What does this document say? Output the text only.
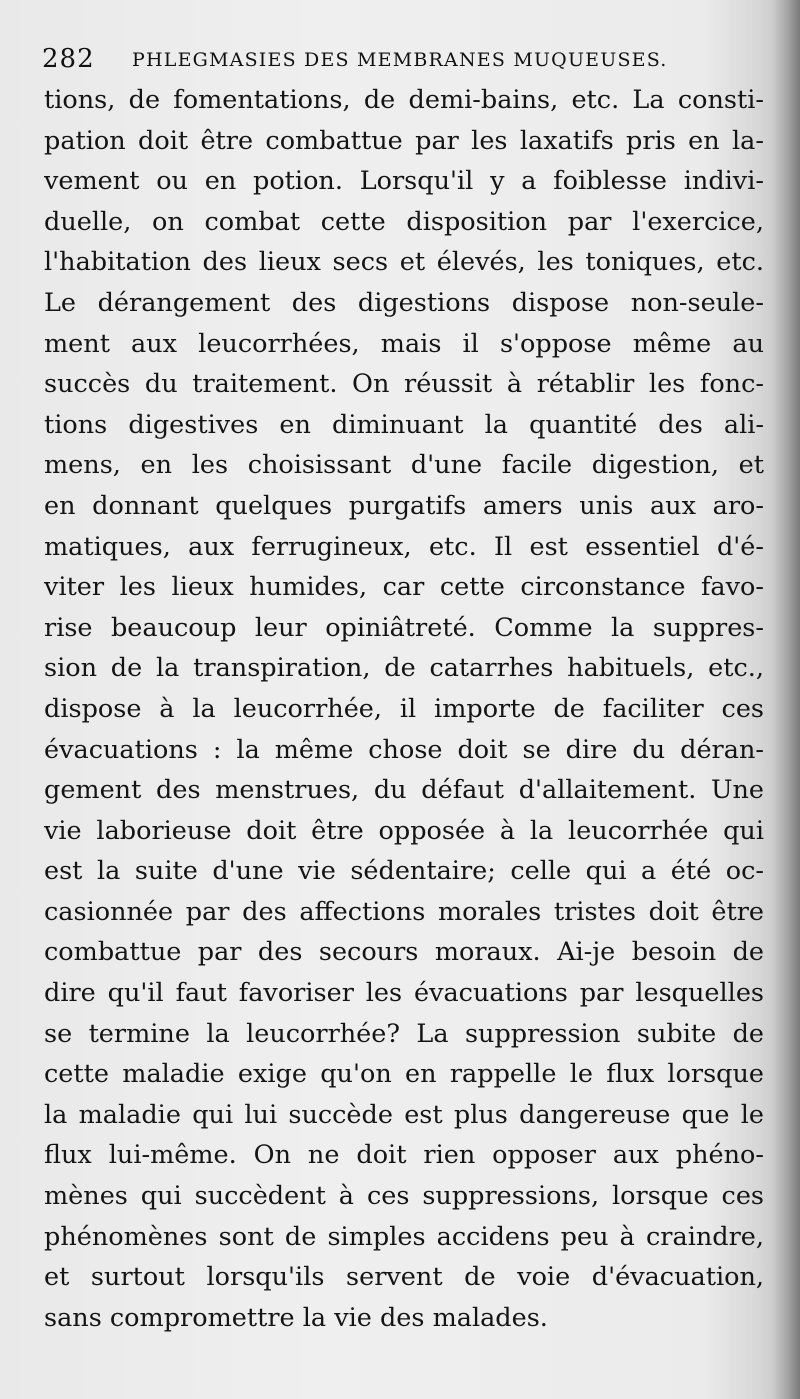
282 PHLEGMASIES DES MEMBRANES MUQUEUSES.
tions, de fomentations, de demi-bains, etc. La consti-
pation doit être combattue par les laxatifs pris en la-
vement ou en potion. Lorsqu'il y a foiblesse indivi-
duelle, on combat cette disposition par l'exercice,
l'habitation des lieux secs et élevés, les toniques, etc.
Le dérangement des digestions dispose non-seule-
ment aux leucorrhées, mais il s'oppose même au
succès du traitement. On réussit à rétablir les fonc-
tions digestives en diminuant la quantité des ali-
mens, en les choisissant d'une facile digestion, et
en donnant quelques purgatifs amers unis aux aro-
matiques, aux ferrugineux, etc. Il est essentiel d'é-
viter les lieux humides, car cette circonstance favo-
rise beaucoup leur opiniâtreté. Comme la suppres-
sion de la transpiration, de catarrhes habituels, etc.,
dispose à la leucorrhée, il importe de faciliter ces
évacuations : la même chose doit se dire du déran-
gement des menstrues, du défaut d'allaitement. Une
vie laborieuse doit être opposée à la leucorrhée qui
est la suite d'une vie sédentaire; celle qui a été oc-
casionnée par des affections morales tristes doit être
combattue par des secours moraux. Ai-je besoin de
dire qu'il faut favoriser les évacuations par lesquelles
se termine la leucorrhée? La suppression subite de
cette maladie exige qu'on en rappelle le flux lorsque
la maladie qui lui succède est plus dangereuse que le
flux lui-même. On ne doit rien opposer aux phéno-
mènes qui succèdent à ces suppressions, lorsque ces
phénomènes sont de simples accidens peu à craindre,
et surtout lorsqu'ils servent de voie d'évacuation,
sans compromettre la vie des malades.
